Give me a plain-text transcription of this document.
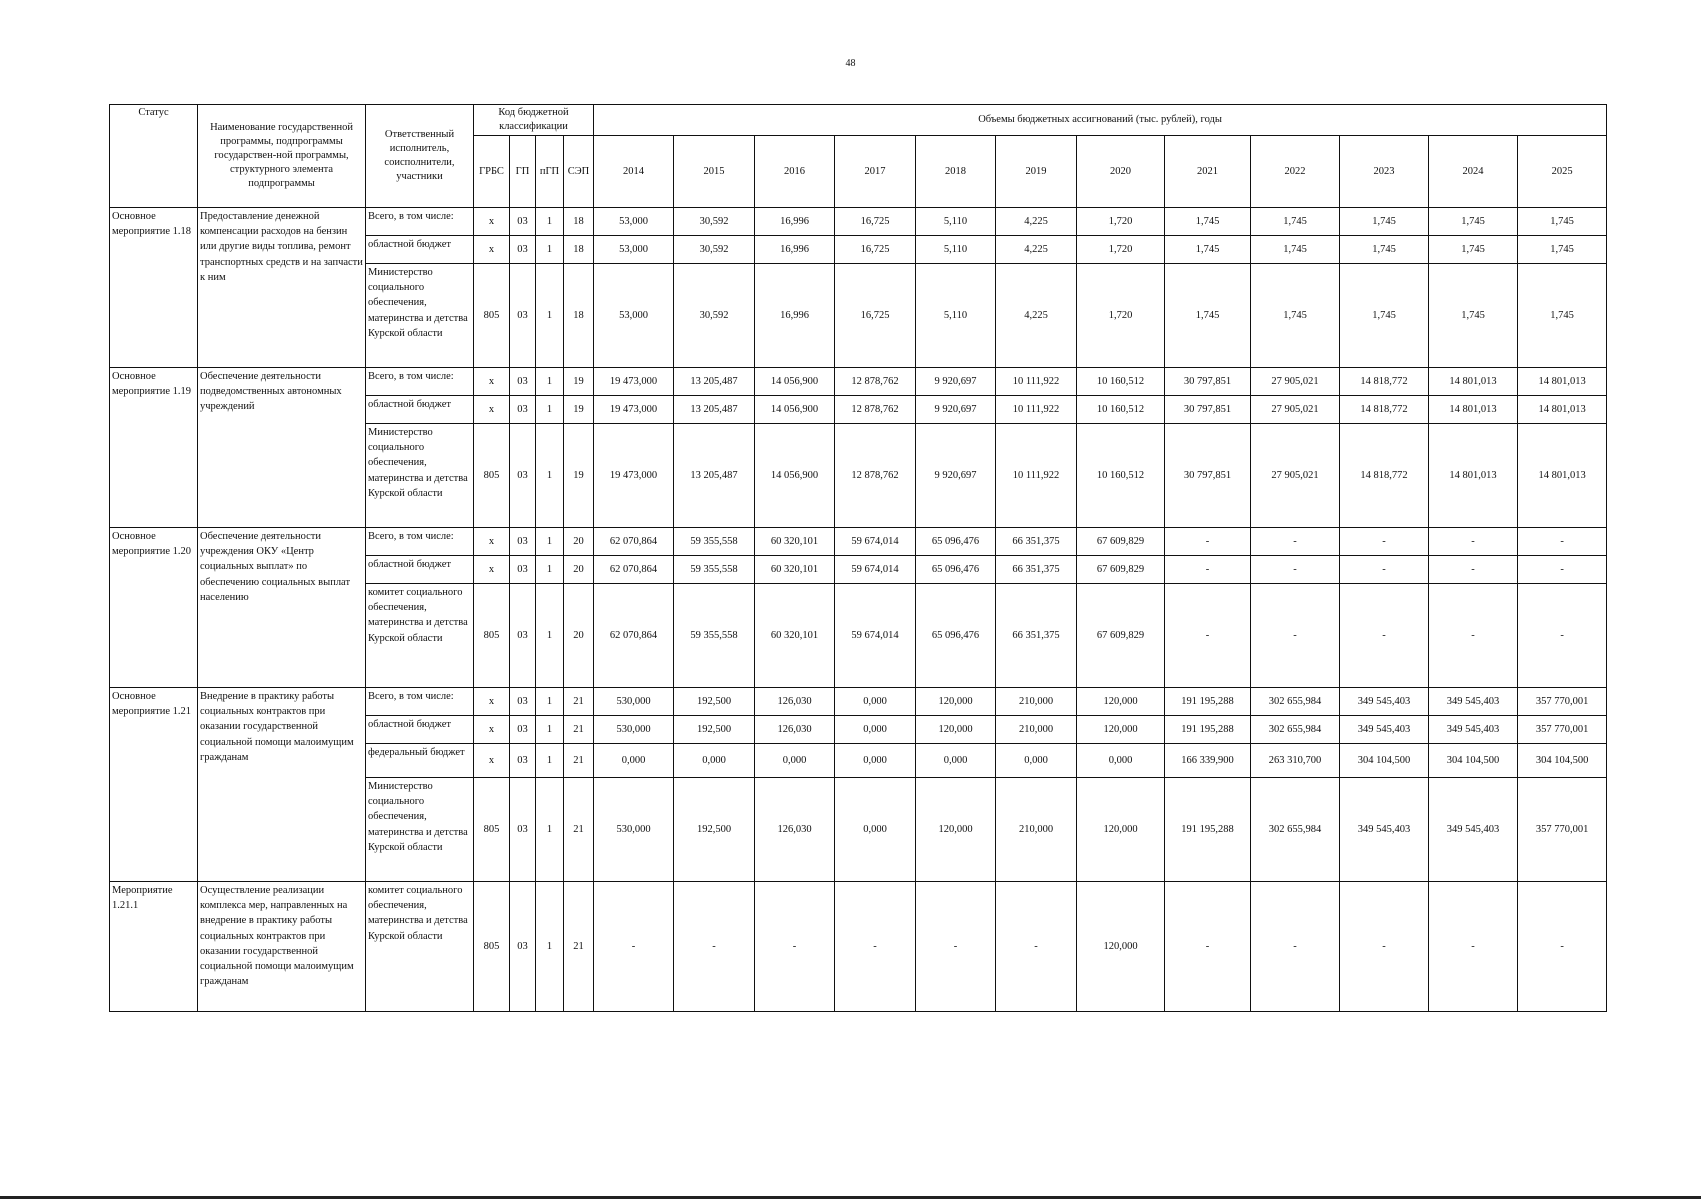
48
Статус	Наименование государственной программы, подпрограммы государствен-ной программы, структурного элемента подпрограммы	Ответственный исполнитель, соисполнители, участники	Код бюджетной классификации				Объемы бюджетных ассигнований (тыс. рублей), годы											
			ГРБС	ГП	пГП	СЭП	2014	2015	2016	2017	2018	2019	2020	2021	2022	2023	2024	2025
Основное мероприятие 1.18	Предоставление денежной компенсации расходов на бензин или другие виды топлива, ремонт транспортных средств и на запчасти к ним	Всего, в том числе:	x	03	1	18	53,000	30,592	16,996	16,725	5,110	4,225	1,720	1,745	1,745	1,745	1,745	1,745
		областной бюджет	x	03	1	18	53,000	30,592	16,996	16,725	5,110	4,225	1,720	1,745	1,745	1,745	1,745	1,745
		Министерство социального обеспечения, материнства и детства Курской области	805	03	1	18	53,000	30,592	16,996	16,725	5,110	4,225	1,720	1,745	1,745	1,745	1,745	1,745
Основное мероприятие 1.19	Обеспечение деятельности подведомственных автономных учреждений	Всего, в том числе:	x	03	1	19	19 473,000	13 205,487	14 056,900	12 878,762	9 920,697	10 111,922	10 160,512	30 797,851	27 905,021	14 818,772	14 801,013	14 801,013
		областной бюджет	x	03	1	19	19 473,000	13 205,487	14 056,900	12 878,762	9 920,697	10 111,922	10 160,512	30 797,851	27 905,021	14 818,772	14 801,013	14 801,013
		Министерство социального обеспечения, материнства и детства Курской области	805	03	1	19	19 473,000	13 205,487	14 056,900	12 878,762	9 920,697	10 111,922	10 160,512	30 797,851	27 905,021	14 818,772	14 801,013	14 801,013
Основное мероприятие 1.20	Обеспечение деятельности учреждения ОКУ «Центр социальных выплат» по обеспечению социальных выплат населению	Всего, в том числе:	x	03	1	20	62 070,864	59 355,558	60 320,101	59 674,014	65 096,476	66 351,375	67 609,829	-	-	-	-	-
		областной бюджет	x	03	1	20	62 070,864	59 355,558	60 320,101	59 674,014	65 096,476	66 351,375	67 609,829	-	-	-	-	-
		комитет социального обеспечения, материнства и детства Курской области	805	03	1	20	62 070,864	59 355,558	60 320,101	59 674,014	65 096,476	66 351,375	67 609,829	-	-	-	-	-
Основное мероприятие 1.21	Внедрение в практику работы социальных контрактов при оказании государственной социальной помощи малоимущим гражданам	Всего, в том числе:	x	03	1	21	530,000	192,500	126,030	0,000	120,000	210,000	120,000	191 195,288	302 655,984	349 545,403	349 545,403	357 770,001
		областной бюджет	x	03	1	21	530,000	192,500	126,030	0,000	120,000	210,000	120,000	191 195,288	302 655,984	349 545,403	349 545,403	357 770,001
		федеральный бюджет	x	03	1	21	0,000	0,000	0,000	0,000	0,000	0,000	0,000	166 339,900	263 310,700	304 104,500	304 104,500	304 104,500
		Министерство социального обеспечения, материнства и детства Курской области	805	03	1	21	530,000	192,500	126,030	0,000	120,000	210,000	120,000	191 195,288	302 655,984	349 545,403	349 545,403	357 770,001
Мероприятие 1.21.1	Осуществление реализации комплекса мер, направленных на внедрение в практику работы социальных контрактов при оказании государственной социальной помощи малоимущим гражданам	комитет социального обеспечения, материнства и детства Курской области	805	03	1	21	-	-	-	-	-	-	120,000	-	-	-	-	-
